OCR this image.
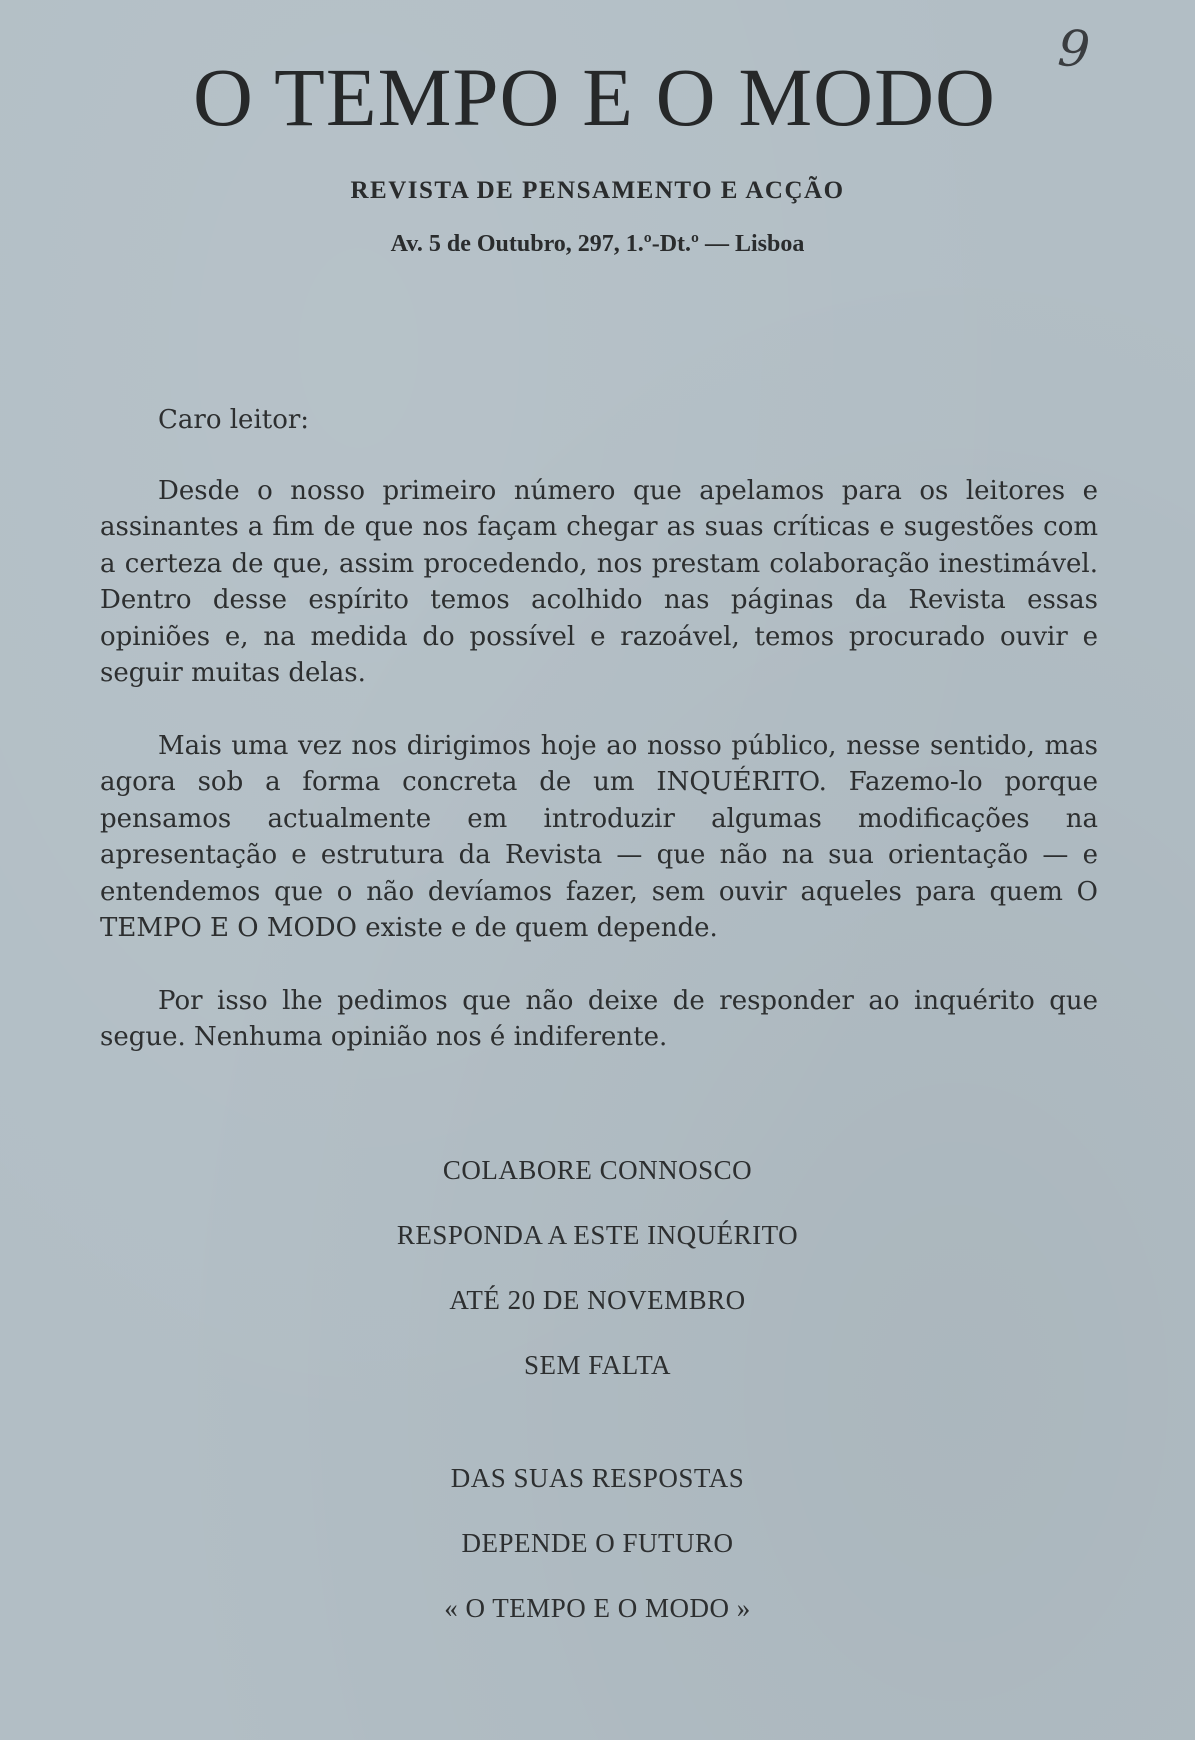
9

O TEMPO E O MODO

REVISTA DE PENSAMENTO E ACÇÃO

Av. 5 de Outubro, 297, 1.º-Dt.º — Lisboa

Caro leitor:

Desde o nosso primeiro número que apelamos para os leitores e assinantes a fim de que nos façam chegar as suas críticas e sugestões com a certeza de que, assim procedendo, nos prestam colaboração inestimável. Dentro desse espírito temos acolhido nas páginas da Revista essas opiniões e, na medida do possível e razoável, temos procurado ouvir e seguir muitas delas.

Mais uma vez nos dirigimos hoje ao nosso público, nesse sentido, mas agora sob a forma concreta de um INQUÉRITO. Fazemo-lo porque pensamos actualmente em introduzir algumas modificações na apresentação e estrutura da Revista — que não na sua orientação — e entendemos que o não devíamos fazer, sem ouvir aqueles para quem O TEMPO E O MODO existe e de quem depende.

Por isso lhe pedimos que não deixe de responder ao inquérito que segue. Nenhuma opinião nos é indiferente.

COLABORE CONNOSCO
RESPONDA A ESTE INQUÉRITO
ATÉ 20 DE NOVEMBRO
SEM FALTA
DAS SUAS RESPOSTAS
DEPENDE O FUTURO
« O TEMPO E O MODO »
